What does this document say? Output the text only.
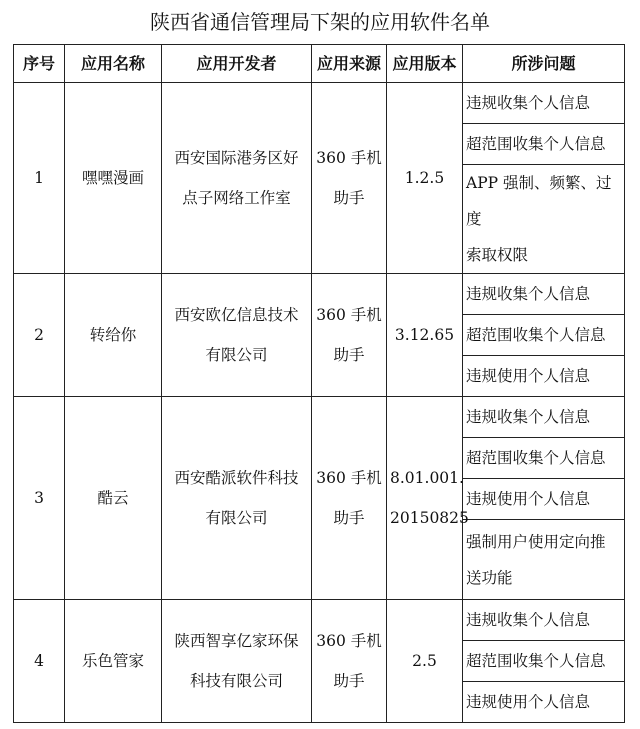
陕西省通信管理局下架的应用软件名单
序号	应用名称	应用开发者	应用来源	应用版本	所涉问题

1	嘿嘿漫画	西安国际港务区好
点子网络工作室	360 手机
助手	1.2.5	违规收集个人信息

					超范围收集个人信息

					APP 强制、频繁、过度
索取权限

2	转给你	西安欧亿信息技术
有限公司	360 手机
助手	3.12.65	违规收集个人信息

					超范围收集个人信息

					违规使用个人信息

3	酷云	西安酷派软件科技
有限公司	360 手机
助手	8.01.001.
20150825	违规收集个人信息

					超范围收集个人信息

					违规使用个人信息

					强制用户使用定向推
送功能

4	乐色管家	陕西智享亿家环保
科技有限公司	360 手机
助手	2.5	违规收集个人信息

					超范围收集个人信息

					违规使用个人信息
